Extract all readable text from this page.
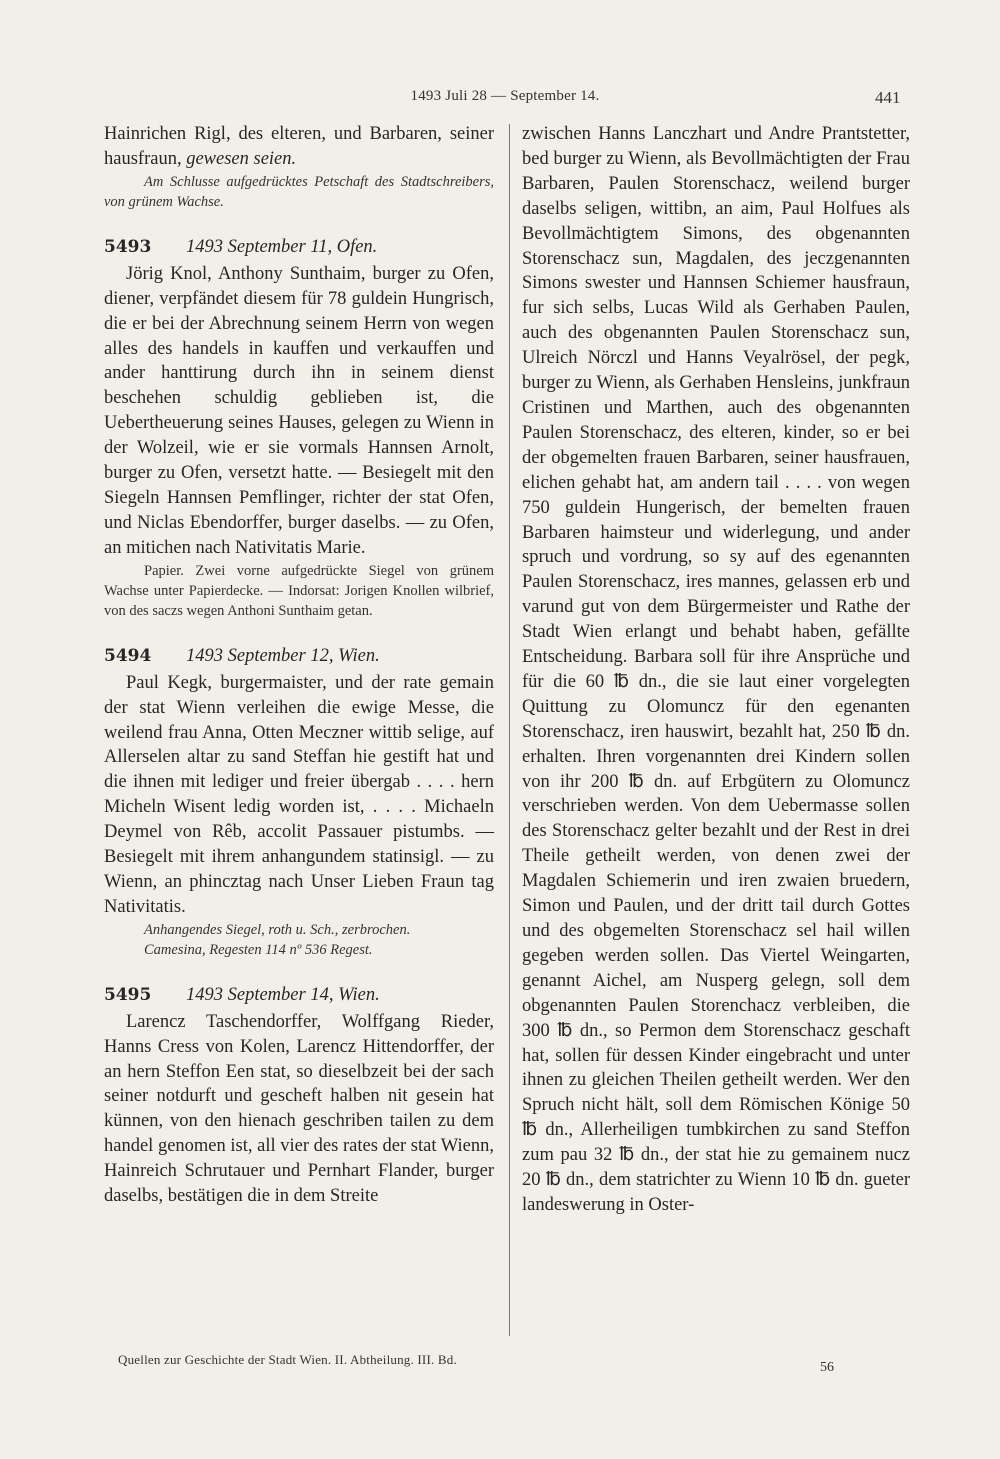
1493 Juli 28 — September 14.	441

Hainrichen Rigl, des elteren, und Barbaren, seiner hausfraun, gewesen seien.

Am Schlusse aufgedrücktes Petschaft des Stadtschreibers, von grünem Wachse.

5493 1493 September 11, Ofen.

Jörig Knol, Anthony Sunthaim, burger zu Ofen, diener, verpfändet diesem für 78 guldein Hungrisch, die er bei der Abrechnung seinem Herrn von wegen alles des handels in kauffen und verkauffen und ander hanttirung durch ihn in seinem dienst beschehen schuldig geblieben ist, die Uebertheuerung seines Hauses, gelegen zu Wienn in der Wolzeil, wie er sie vormals Hannsen Arnolt, burger zu Ofen, versetzt hatte. — Besiegelt mit den Siegeln Hannsen Pemflinger, richter der stat Ofen, und Niclas Ebendorffer, burger daselbs. — zu Ofen, an mitichen nach Nativitatis Marie.

Papier. Zwei vorne aufgedrückte Siegel von grünem Wachse unter Papierdecke. — Indorsat: Jorigen Knollen wilbrief, von des saczs wegen Anthoni Sunthaim getan.

5494 1493 September 12, Wien.

Paul Kegk, burgermaister, und der rate gemain der stat Wienn verleihen die ewige Messe, die weilend frau Anna, Otten Meczner wittib selige, auf Allerselen altar zu sand Steffan hie gestift hat und die ihnen mit lediger und freier übergab . . . . hern Micheln Wisent ledig worden ist, . . . . Michaeln Deymel von Rêb, accolit Passauer pistumbs. — Besiegelt mit ihrem anhangundem statinsigl. — zu Wienn, an phincztag nach Unser Lieben Fraun tag Nativitatis.

Anhangendes Siegel, roth u. Sch., zerbrochen.

Camesina, Regesten 114 nº 536 Regest.

5495 1493 September 14, Wien.

Larencz Taschendorffer, Wolffgang Rieder, Hanns Cress von Kolen, Larencz Hittendorffer, der an hern Steffon Een stat, so dieselbzeit bei der sach seiner notdurft und gescheft halben nit gesein hat künnen, von den hienach geschriben tailen zu dem handel genomen ist, all vier des rates der stat Wienn, Hainreich Schrutauer und Pernhart Flander, burger daselbs, bestätigen die in dem Streite

zwischen Hanns Lanczhart und Andre Prantstetter, bed burger zu Wienn, als Bevollmächtigten der Frau Barbaren, Paulen Storenschacz, weilend burger daselbs seligen, wittibn, an aim, Paul Holfues als Bevollmächtigtem Simons, des obgenannten Storenschacz sun, Magdalen, des jeczgenannten Simons swester und Hannsen Schiemer hausfraun, fur sich selbs, Lucas Wild als Gerhaben Paulen, auch des obgenannten Paulen Storenschacz sun, Ulreich Nörczl und Hanns Veyalrösel, der pegk, burger zu Wienn, als Gerhaben Hensleins, junkfraun Cristinen und Marthen, auch des obgenannten Paulen Storenschacz, des elteren, kinder, so er bei der obgemelten frauen Barbaren, seiner hausfrauen, elichen gehabt hat, am andern tail . . . . von wegen 750 guldein Hungerisch, der bemelten frauen Barbaren haimsteur und widerlegung, und ander spruch und vordrung, so sy auf des egenannten Paulen Storenschacz, ires mannes, gelassen erb und varund gut von dem Bürgermeister und Rathe der Stadt Wien erlangt und behabt haben, gefällte Entscheidung. Barbara soll für ihre Ansprüche und für die 60 ℔ dn., die sie laut einer vorgelegten Quittung zu Olomuncz für den egenanten Storenschacz, iren hauswirt, bezahlt hat, 250 ℔ dn. erhalten. Ihren vorgenannten drei Kindern sollen von ihr 200 ℔ dn. auf Erbgütern zu Olomuncz verschrieben werden. Von dem Uebermasse sollen des Storenschacz gelter bezahlt und der Rest in drei Theile getheilt werden, von denen zwei der Magdalen Schiemerin und iren zwaien bruedern, Simon und Paulen, und der dritt tail durch Gottes und des obgemelten Storenschacz sel hail willen gegeben werden sollen. Das Viertel Weingarten, genannt Aichel, am Nusperg gelegn, soll dem obgenannten Paulen Storenchacz verbleiben, die 300 ℔ dn., so Permon dem Storenschacz geschaft hat, sollen für dessen Kinder eingebracht und unter ihnen zu gleichen Theilen getheilt werden. Wer den Spruch nicht hält, soll dem Römischen Könige 50 ℔ dn., Allerheiligen tumbkirchen zu sand Steffon zum pau 32 ℔ dn., der stat hie zu gemainem nucz 20 ℔ dn., dem statrichter zu Wienn 10 ℔ dn. gueter landeswerung in Oster-

Quellen zur Geschichte der Stadt Wien. II. Abtheilung. III. Bd.
56
